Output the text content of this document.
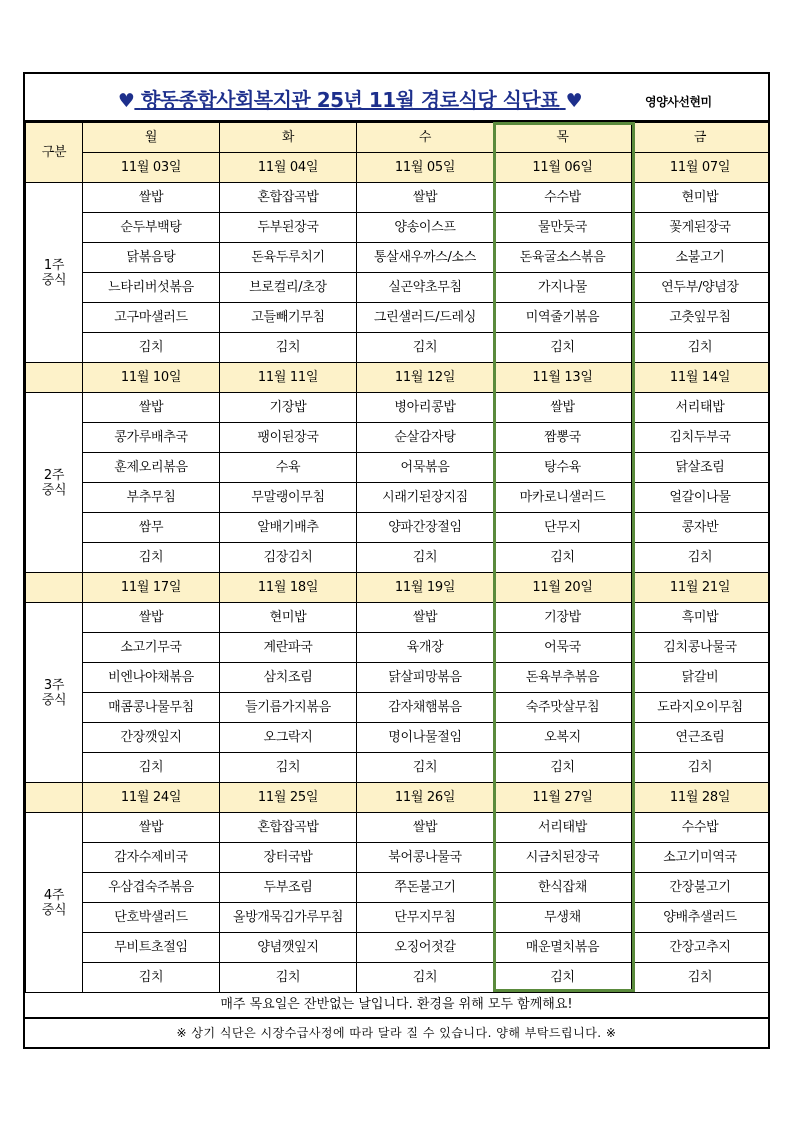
♥ 향동종합사회복지관 25년 11월 경로식당 식단표 ♥	영양사선현미
구분	월	화	수	목	금
	11월 03일	11월 04일	11월 05일	11월 06일	11월 07일

1주
중식	쌀밥	혼합잡곡밥	쌀밥	수수밥	현미밥
	순두부백탕	두부된장국	양송이스프	물만둣국	꽃게된장국
	닭볶음탕	돈육두루치기	통살새우까스/소스	돈육굴소스볶음	소불고기
	느타리버섯볶음	브로컬리/초장	실곤약초무침	가지나물	연두부/양념장
	고구마샐러드	고들빼기무침	그린샐러드/드레싱	미역줄기볶음	고춧잎무침
	김치	김치	김치	김치	김치
	11월 10일	11월 11일	11월 12일	11월 13일	11월 14일

2주
중식	쌀밥	기장밥	병아리콩밥	쌀밥	서리태밥
	콩가루배추국	팽이된장국	순살감자탕	짬뽕국	김치두부국
	훈제오리볶음	수육	어묵볶음	탕수육	닭살조림
	부추무침	무말랭이무침	시래기된장지짐	마카로니샐러드	얼갈이나물
	쌈무	알배기배추	양파간장절임	단무지	콩자반
	김치	김장김치	김치	김치	김치
	11월 17일	11월 18일	11월 19일	11월 20일	11월 21일

3주
중식	쌀밥	현미밥	쌀밥	기장밥	흑미밥
	소고기무국	계란파국	육개장	어묵국	김치콩나물국
	비엔나야채볶음	삼치조림	닭살피망볶음	돈육부추볶음	닭갈비
	매콤콩나물무침	들기름가지볶음	감자채햄볶음	숙주맛살무침	도라지오이무침
	간장깻잎지	오그락지	명이나물절임	오복지	연근조림
	김치	김치	김치	김치	김치
	11월 24일	11월 25일	11월 26일	11월 27일	11월 28일

4주
중식	쌀밥	혼합잡곡밥	쌀밥	서리태밥	수수밥
	감자수제비국	장터국밥	북어콩나물국	시금치된장국	소고기미역국
	우삼겹숙주볶음	두부조림	쭈돈불고기	한식잡채	간장불고기
	단호박샐러드	올방개묵김가루무침	단무지무침	무생채	양배추샐러드
	무비트초절임	양념깻잎지	오징어젓갈	매운멸치볶음	간장고추지
	김치	김치	김치	김치	김치
매주 목요일은 잔반없는 날입니다. 환경을 위해 모두 함께해요!
※ 상기 식단은 시장수급사정에 따라 달라 질 수 있습니다. 양해 부탁드립니다. ※
